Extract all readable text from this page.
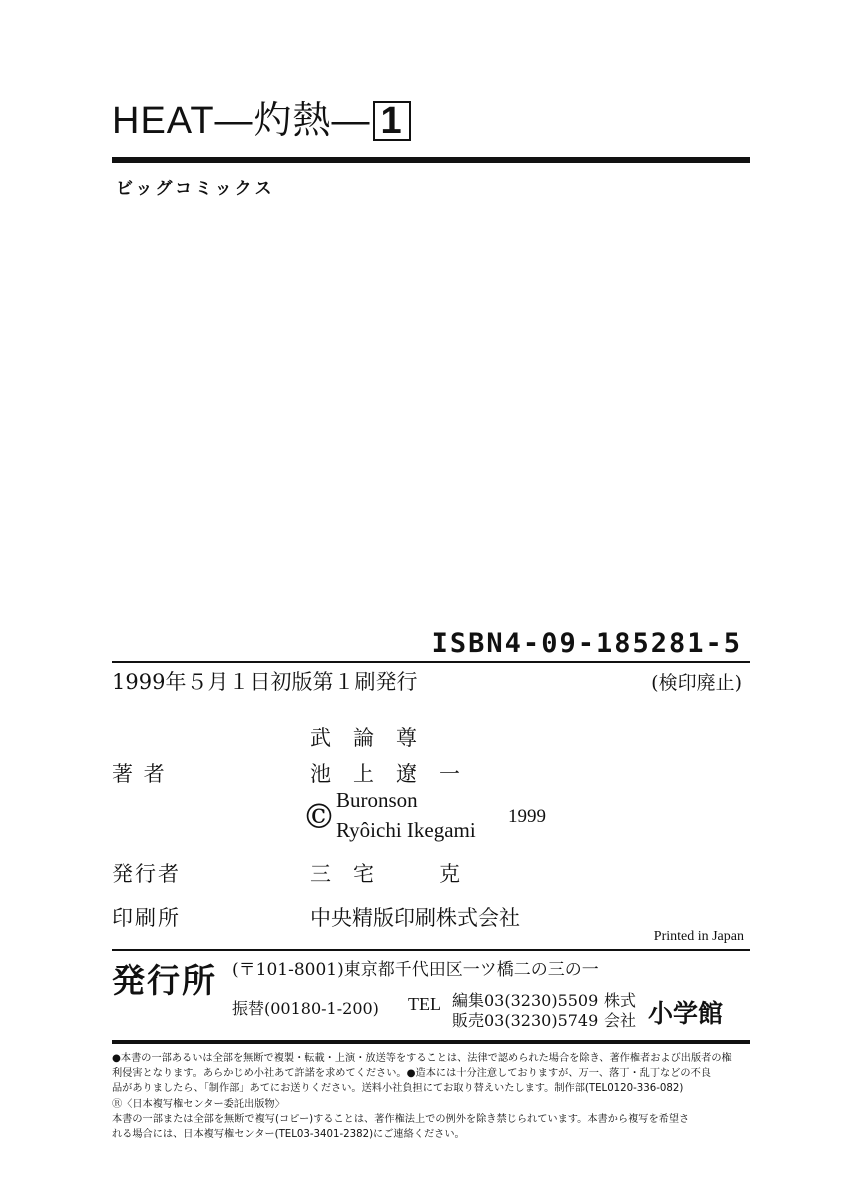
HEAT―灼熱― 1
ビッグコミックス
ISBN4-09-185281-5
1999年５月１日初版第１刷発行	(検印廃止)
武論尊
著 者	池上遼一
© Buronson
Ryôichi Ikegami
1999
発行者	三宅　克
印刷所	中央精版印刷株式会社
Printed in Japan
発行所 (〒101-8001)東京都千代田区一ツ橋二の三の一
振替(00180-1-200) TEL 編集03(3230)5509
販売03(3230)5749
株式
会社 小学館
●本書の一部あるいは全部を無断で複製・転載・上演・放送等をすることは、法律で認められた場合を除き、著作権者および出版者の権
利侵害となります。あらかじめ小社あて許諾を求めてください。●造本には十分注意しておりますが、万一、落丁・乱丁などの不良
品がありましたら、「制作部」あてにお送りください。送料小社負担にてお取り替えいたします。制作部(TEL0120-336-082)
Ⓡ〈日本複写権センター委託出版物〉
本書の一部または全部を無断で複写(コピー)することは、著作権法上での例外を除き禁じられています。本書から複写を希望さ
れる場合には、日本複写権センター(TEL03-3401-2382)にご連絡ください。
